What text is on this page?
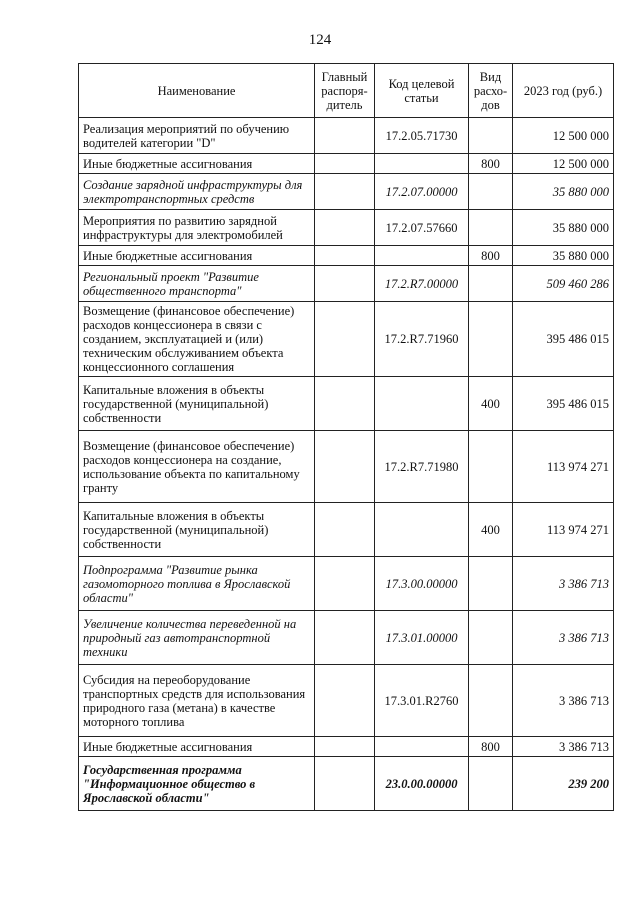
124
Наименование	Главный распоря-дитель	Код целевой статьи	Вид расхо-дов	2023 год (руб.)
Реализация мероприятий по обучению водителей категории "D"		17.2.05.71730		12 500 000
Иные бюджетные ассигнования			800	12 500 000
Создание зарядной инфраструктуры для электротранспортных средств		17.2.07.00000		35 880 000
Мероприятия по развитию зарядной инфраструктуры для электромобилей		17.2.07.57660		35 880 000
Иные бюджетные ассигнования			800	35 880 000
Региональный проект "Развитие общественного транспорта"		17.2.R7.00000		509 460 286
Возмещение (финансовое обеспечение) расходов концессионера в связи с созданием, эксплуатацией и (или) техническим обслуживанием объекта концессионного соглашения		17.2.R7.71960		395 486 015
Капитальные вложения в объекты государственной (муниципальной) собственности			400	395 486 015
Возмещение (финансовое обеспечение) расходов концессионера на создание, использование объекта по капитальному гранту		17.2.R7.71980		113 974 271
Капитальные вложения в объекты государственной (муниципальной) собственности			400	113 974 271
Подпрограмма "Развитие рынка газомоторного топлива в Ярославской области"		17.3.00.00000		3 386 713
Увеличение количества переведенной на природный газ автотранспортной техники		17.3.01.00000		3 386 713
Субсидия на переоборудование транспортных средств для использования природного газа (метана) в качестве моторного топлива		17.3.01.R2760		3 386 713
Иные бюджетные ассигнования			800	3 386 713
Государственная программа "Информационное общество в Ярославской области"		23.0.00.00000		239 200
